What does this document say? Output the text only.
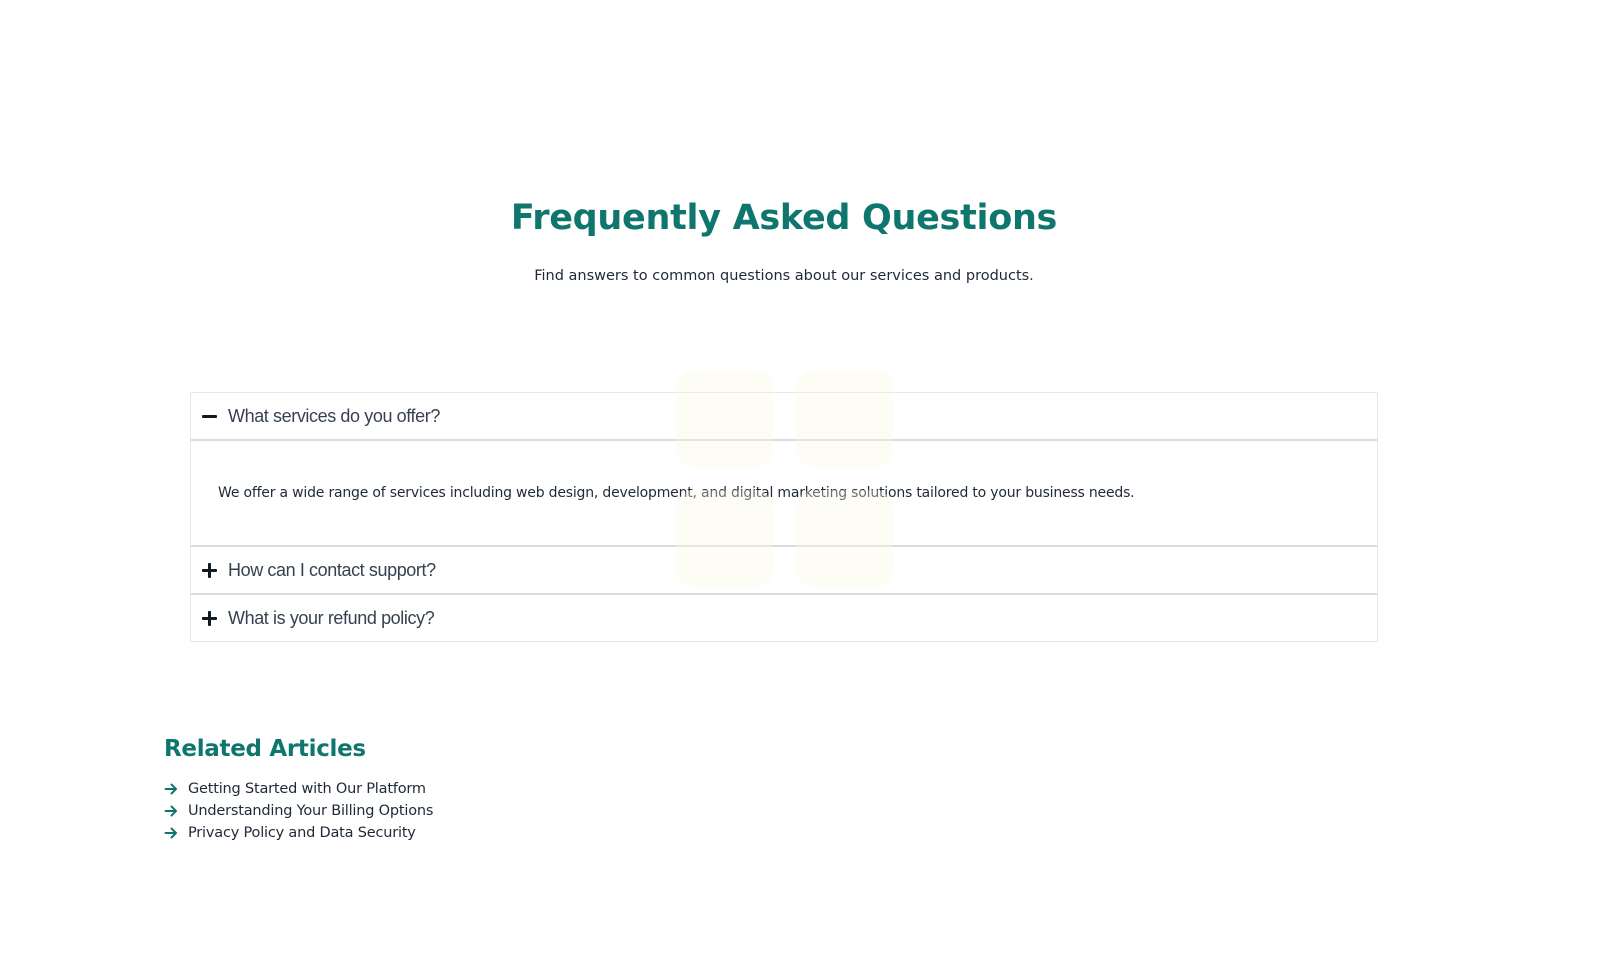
Frequently Asked Questions

Find answers to common questions about our services and products.

What services do you offer?

We offer a wide range of services including web design, development, and digital marketing solutions tailored to your business needs.

How can I contact support?
What is your refund policy?
Related Articles
Getting Started with Our Platform
Understanding Your Billing Options
Privacy Policy and Data Security
